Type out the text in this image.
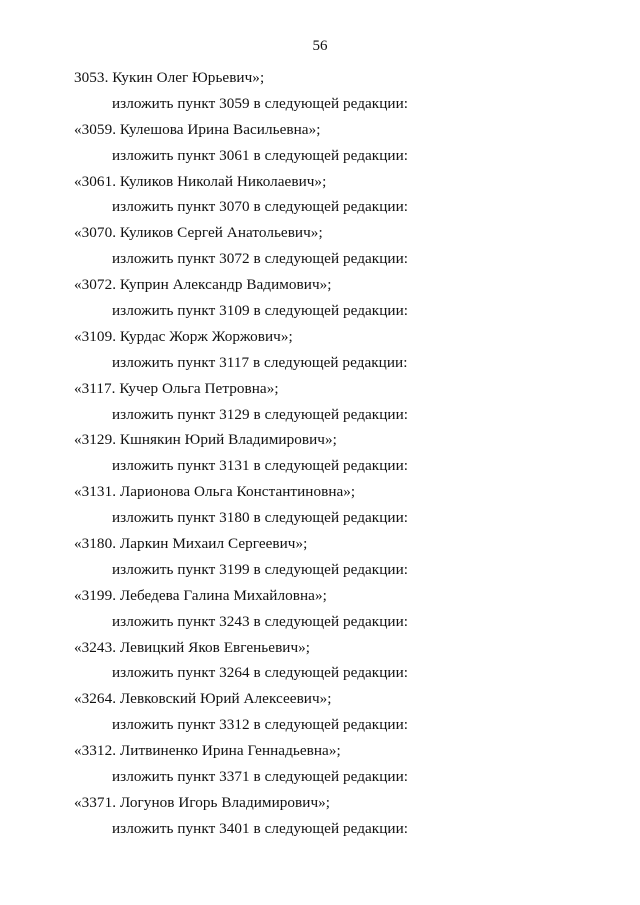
56
3053. Кукин Олег Юрьевич»;
изложить пункт 3059 в следующей редакции:
«3059. Кулешова Ирина Васильевна»;
изложить пункт 3061 в следующей редакции:
«3061. Куликов Николай Николаевич»;
изложить пункт 3070 в следующей редакции:
«3070. Куликов Сергей Анатольевич»;
изложить пункт 3072 в следующей редакции:
«3072. Куприн Александр Вадимович»;
изложить пункт 3109 в следующей редакции:
«3109. Курдас Жорж Жоржович»;
изложить пункт 3117 в следующей редакции:
«3117. Кучер Ольга Петровна»;
изложить пункт 3129 в следующей редакции:
«3129. Кшнякин Юрий Владимирович»;
изложить пункт 3131 в следующей редакции:
«3131. Ларионова Ольга Константиновна»;
изложить пункт 3180 в следующей редакции:
«3180. Ларкин Михаил Сергеевич»;
изложить пункт 3199 в следующей редакции:
«3199. Лебедева Галина Михайловна»;
изложить пункт 3243 в следующей редакции:
«3243. Левицкий Яков Евгеньевич»;
изложить пункт 3264 в следующей редакции:
«3264. Левковский Юрий Алексеевич»;
изложить пункт 3312 в следующей редакции:
«3312. Литвиненко Ирина Геннадьевна»;
изложить пункт 3371 в следующей редакции:
«3371. Логунов Игорь Владимирович»;
изложить пункт 3401 в следующей редакции:
